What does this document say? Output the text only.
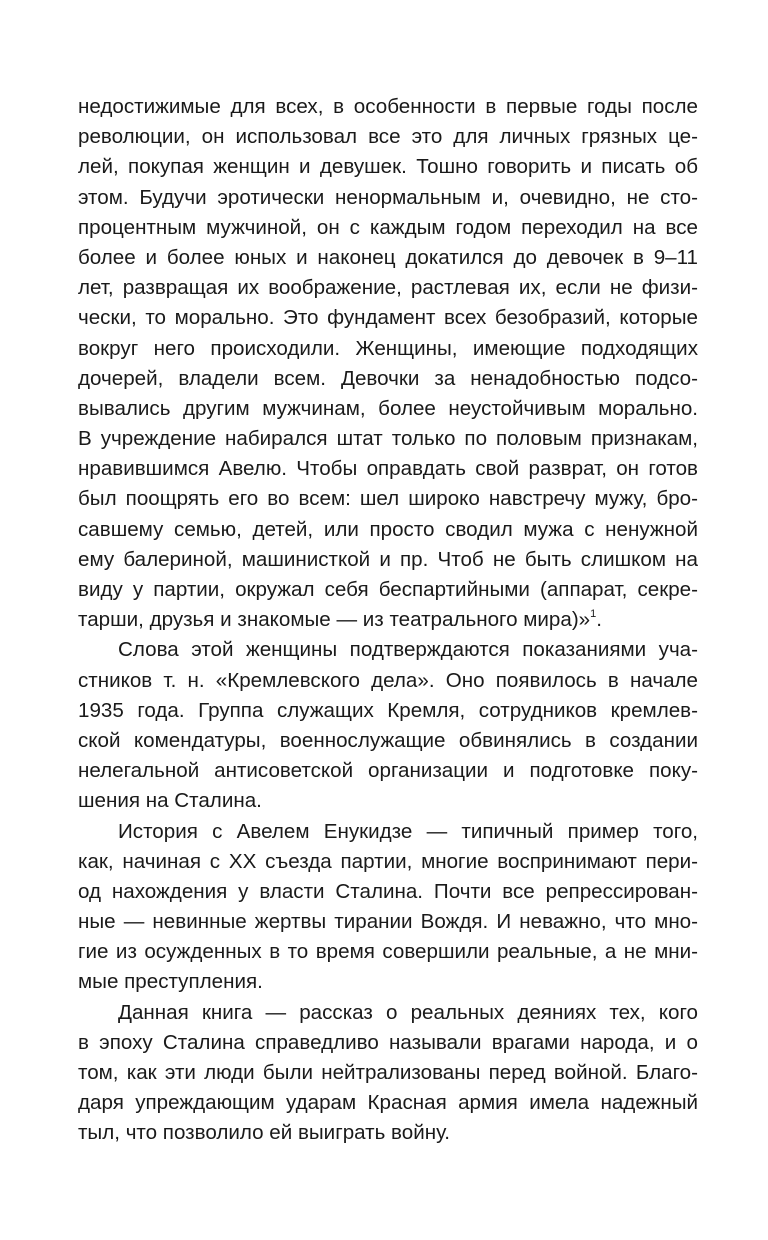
недостижимые для всех, в особенности в первые годы после
революции, он использовал все это для личных грязных це-
лей, покупая женщин и девушек. Тошно говорить и писать об
этом. Будучи эротически ненормальным и, очевидно, не сто-
процентным мужчиной, он с каждым годом переходил на все
более и более юных и наконец докатился до девочек в 9–11
лет, развращая их воображение, растлевая их, если не физи-
чески, то морально. Это фундамент всех безобразий, которые
вокруг него происходили. Женщины, имеющие подходящих
дочерей, владели всем. Девочки за ненадобностью подсо-
вывались другим мужчинам, более неустойчивым морально.
В учреждение набирался штат только по половым признакам,
нравившимся Авелю. Чтобы оправдать свой разврат, он готов
был поощрять его во всем: шел широко навстречу мужу, бро-
савшему семью, детей, или просто сводил мужа с ненужной
ему балериной, машинисткой и пр. Чтоб не быть слишком на
виду у партии, окружал себя беспартийными (аппарат, секре-
тарши, друзья и знакомые — из театрального мира)»$^1$.
Слова этой женщины подтверждаются показаниями уча-
стников т. н. «Кремлевского дела». Оно появилось в начале
1935 года. Группа служащих Кремля, сотрудников кремлев-
ской комендатуры, военнослужащие обвинялись в создании
нелегальной антисоветской организации и подготовке поку-
шения на Сталина.
История с Авелем Енукидзе — типичный пример того,
как, начиная с XX съезда партии, многие воспринимают пери-
од нахождения у власти Сталина. Почти все репрессирован-
ные — невинные жертвы тирании Вождя. И неважно, что мно-
гие из осужденных в то время совершили реальные, а не мни-
мые преступления.
Данная книга — рассказ о реальных деяниях тех, кого
в эпоху Сталина справедливо называли врагами народа, и о
том, как эти люди были нейтрализованы перед войной. Благо-
даря упреждающим ударам Красная армия имела надежный
тыл, что позволило ей выиграть войну.
